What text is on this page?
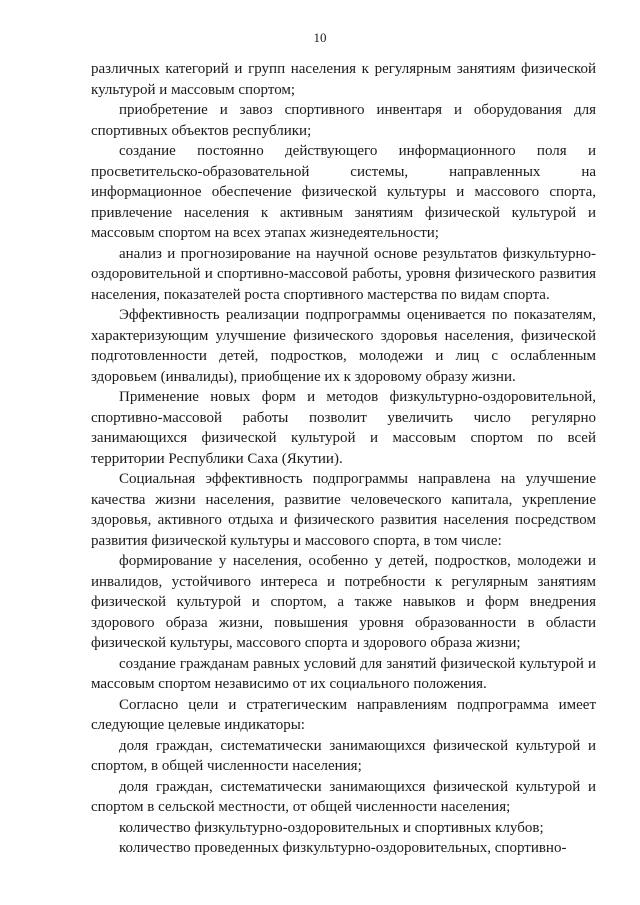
10

различных категорий и групп населения к регулярным занятиям физической культурой и массовым спортом;

приобретение и завоз спортивного инвентаря и оборудования для спортивных объектов республики;

создание постоянно действующего информационного поля и просветительско-образовательной системы, направленных на информационное обеспечение физической культуры и массового спорта, привлечение населения к активным занятиям физической культурой и массовым спортом на всех этапах жизнедеятельности;

анализ и прогнозирование на научной основе результатов физкультурно-оздоровительной и спортивно-массовой работы, уровня физического развития населения, показателей роста спортивного мастерства по видам спорта.

Эффективность реализации подпрограммы оценивается по показателям, характеризующим улучшение физического здоровья населения, физической подготовленности детей, подростков, молодежи и лиц с ослабленным здоровьем (инвалиды), приобщение их к здоровому образу жизни.

Применение новых форм и методов физкультурно-оздоровительной, спортивно-массовой работы позволит увеличить число регулярно занимающихся физической культурой и массовым спортом по всей территории Республики Саха (Якутии).

Социальная эффективность подпрограммы направлена на улучшение качества жизни населения, развитие человеческого капитала, укрепление здоровья, активного отдыха и физического развития населения посредством развития физической культуры и массового спорта, в том числе:

формирование у населения, особенно у детей, подростков, молодежи и инвалидов, устойчивого интереса и потребности к регулярным занятиям физической культурой и спортом, а также навыков и форм внедрения здорового образа жизни, повышения уровня образованности в области физической культуры, массового спорта и здорового образа жизни;

создание гражданам равных условий для занятий физической культурой и массовым спортом независимо от их социального положения.

Согласно цели и стратегическим направлениям подпрограмма имеет следующие целевые индикаторы:

доля граждан, систематически занимающихся физической культурой и спортом, в общей численности населения;

доля граждан, систематически занимающихся физической культурой и спортом в сельской местности, от общей численности населения;

количество физкультурно-оздоровительных и спортивных клубов;

количество проведенных физкультурно-оздоровительных, спортивно-
